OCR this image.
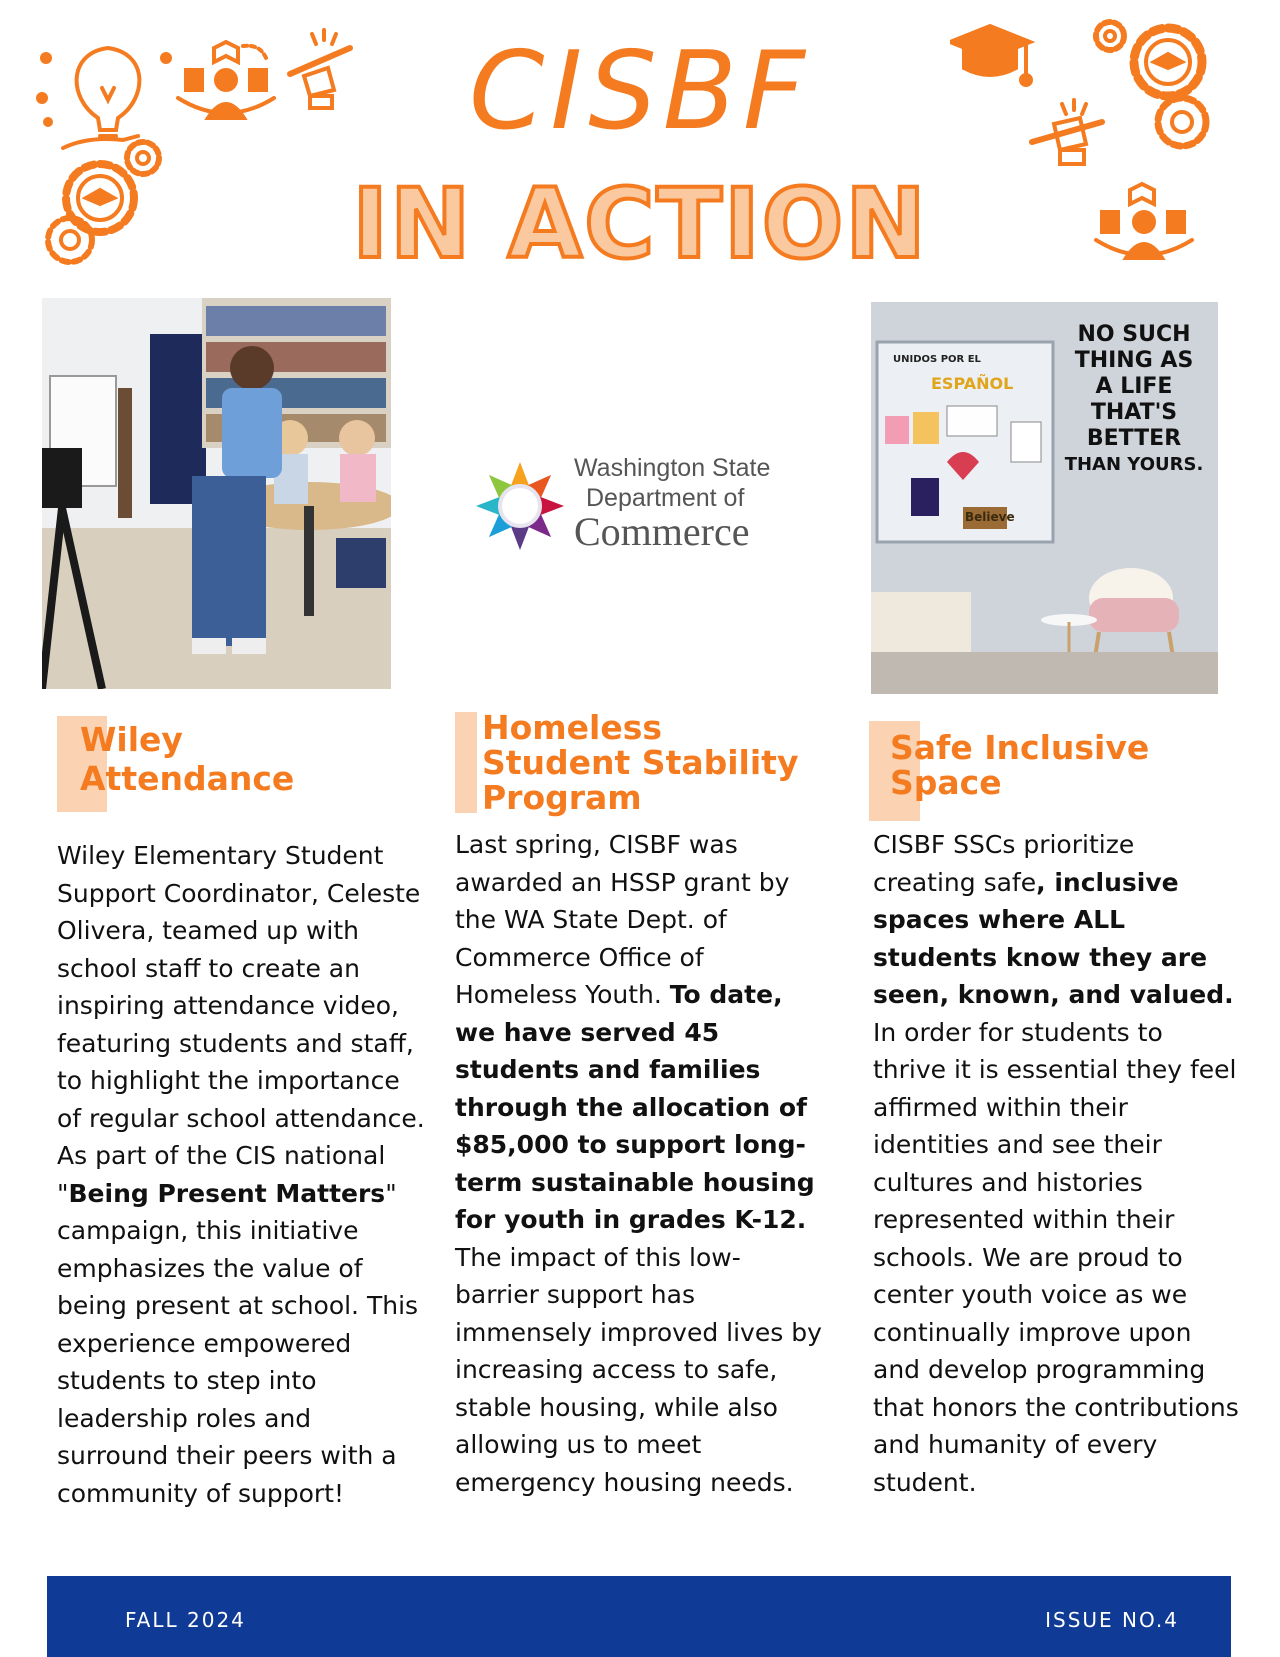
CISBF
IN ACTION
Washington State
Department of
Commerce
UNIDOS POR EL
ESPAÑOL
Believe
NO SUCH
THING AS
A LIFE
THAT'S
BETTER
THAN YOURS.
Wiley
Attendance
Wiley Elementary Student Support Coordinator, Celeste Olivera, teamed up with school staff to create an inspiring attendance video, featuring students and staff, to highlight the importance of regular school attendance. As part of the CIS national "Being Present Matters" campaign, this initiative emphasizes the value of being present at school. This experience empowered students to step into leadership roles and surround their peers with a community of support!
Homeless
Student Stability
Program
Last spring, CISBF was awarded an HSSP grant by the WA State Dept. of Commerce Office of Homeless Youth. To date, we have served 45 students and families through the allocation of $85,000 to support long-term sustainable housing for youth in grades K-12. The impact of this low-barrier support has immensely improved lives by increasing access to safe, stable housing, while also allowing us to meet emergency housing needs.
Safe Inclusive
Space
CISBF SSCs prioritize creating safe, inclusive spaces where ALL students know they are seen, known, and valued. In order for students to thrive it is essential they feel affirmed within their identities and see their cultures and histories represented within their schools. We are proud to center youth voice as we continually improve upon and develop programming that honors the contributions and humanity of every student.
FALL 2024	ISSUE NO.4
